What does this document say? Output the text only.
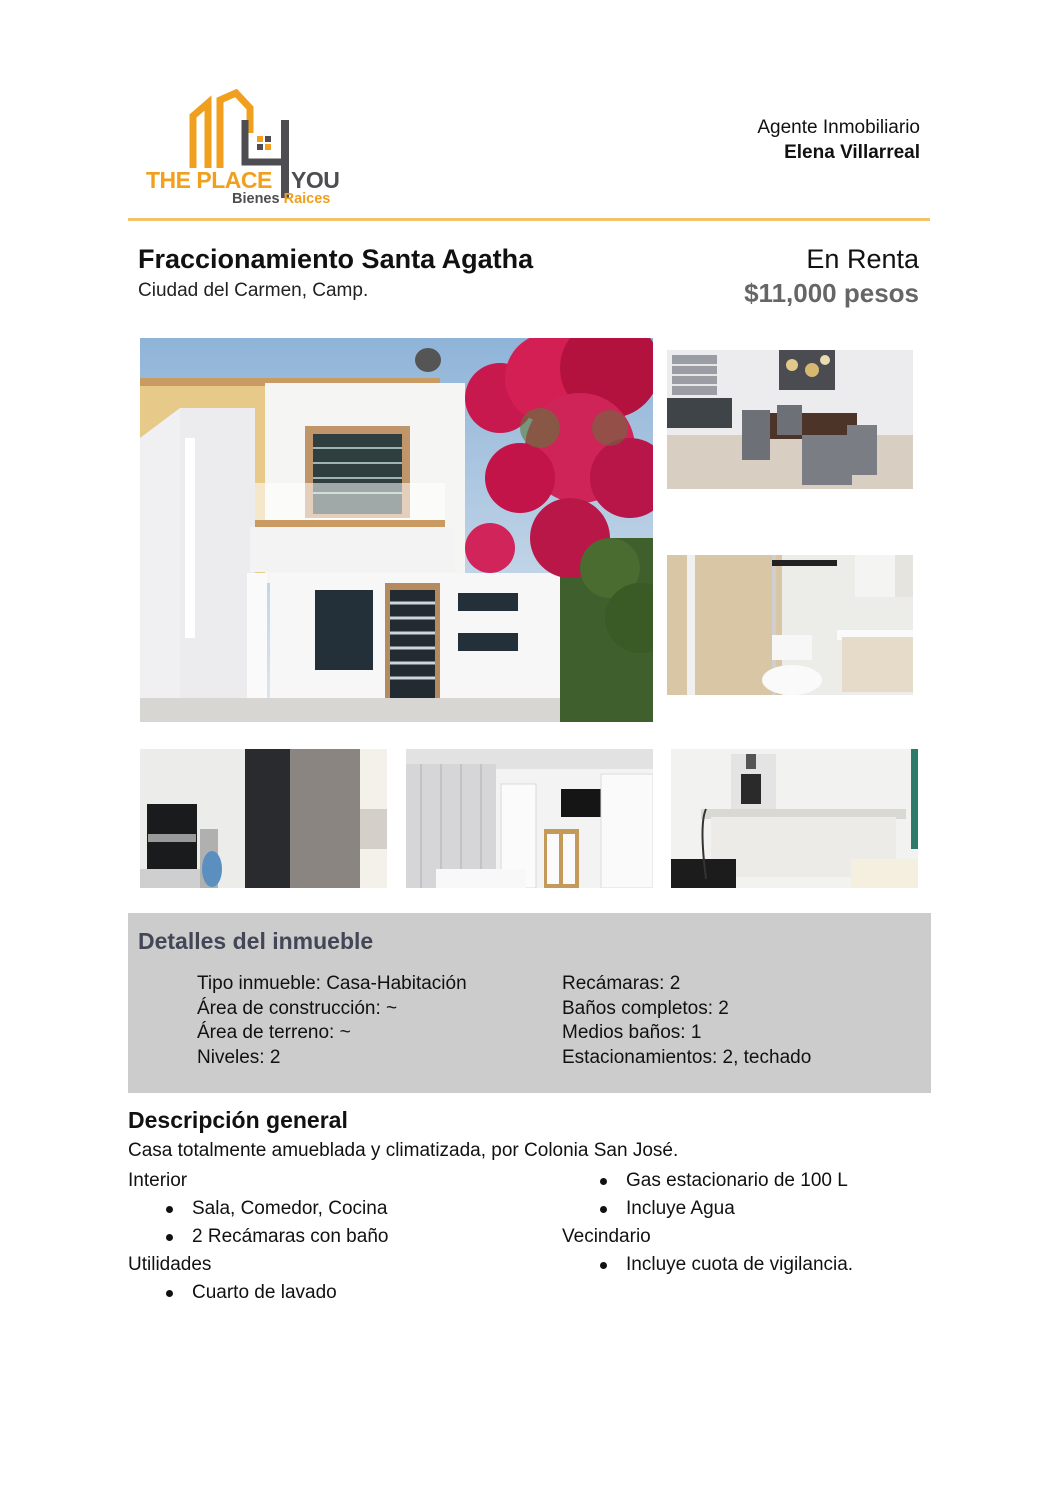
THE PLACE YOU
Bienes Raices
Agente Inmobiliario
Elena Villarreal
Fraccionamiento Santa Agatha
Ciudad del Carmen, Camp.
En Renta
$11,000 pesos
Detalles del inmueble
Tipo inmueble: Casa-Habitación
Área de construcción: ~
Área de terreno: ~
Niveles: 2
Recámaras: 2
Baños completos: 2
Medios baños: 1
Estacionamientos: 2, techado
Descripción general
Casa totalmente amueblada y climatizada, por Colonia San José.
Interior
Sala, Comedor, Cocina
2 Recámaras con baño
Utilidades
Cuarto de lavado
Gas estacionario de 100 L
Incluye Agua
Vecindario
Incluye cuota de vigilancia.
